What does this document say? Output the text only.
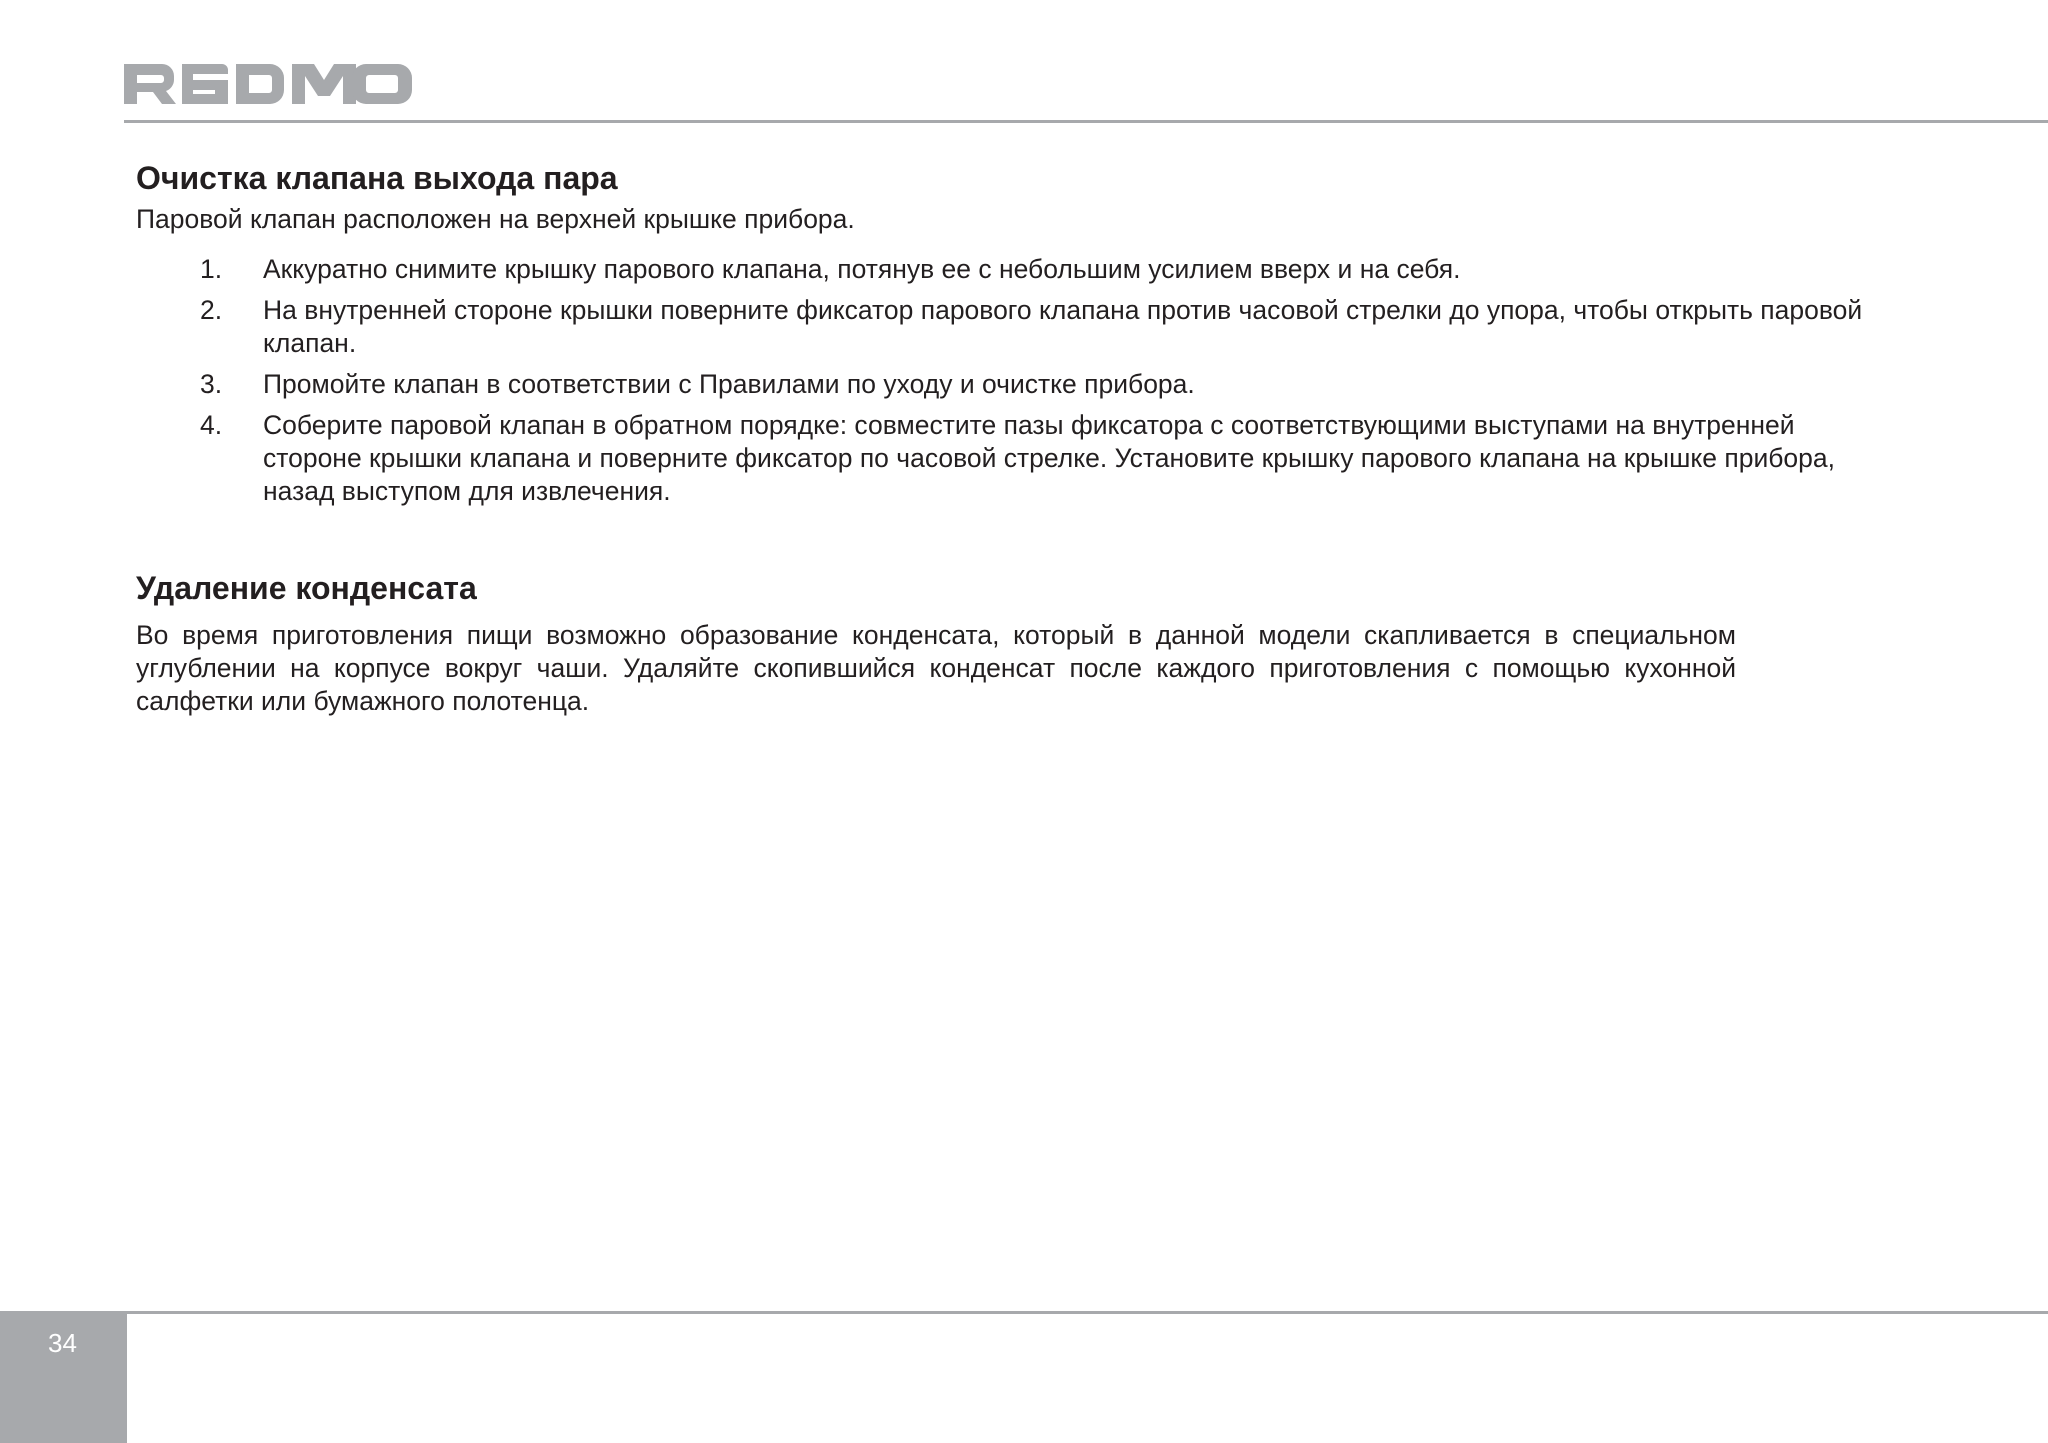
Очистка клапана выхода пара

Паровой клапан расположен на верхней крышке прибора.

1. Аккуратно снимите крышку парового клапана, потянув ее с небольшим усилием вверх и на себя.
2. На внутренней стороне крышки поверните фиксатор парового клапана против часовой стрелки до упора, чтобы открыть паровой клапан.
3. Промойте клапан в соответствии с Правилами по уходу и очистке прибора.
4. Соберите паровой клапан в обратном порядке: совместите пазы фиксатора с соответствующими выступами на внутренней стороне крышки клапана и поверните фиксатор по часовой стрелке. Установите крышку парового клапана на крышке прибора, назад выступом для извлечения.
Удаление конденсата

Во время приготовления пищи возможно образование конденсата, который в данной модели скапливается в специальном углублении на корпусе вокруг чаши. Удаляйте скопившийся конденсат после каждого приготовления с помощью кухонной салфетки или бумажного полотенца.

34
